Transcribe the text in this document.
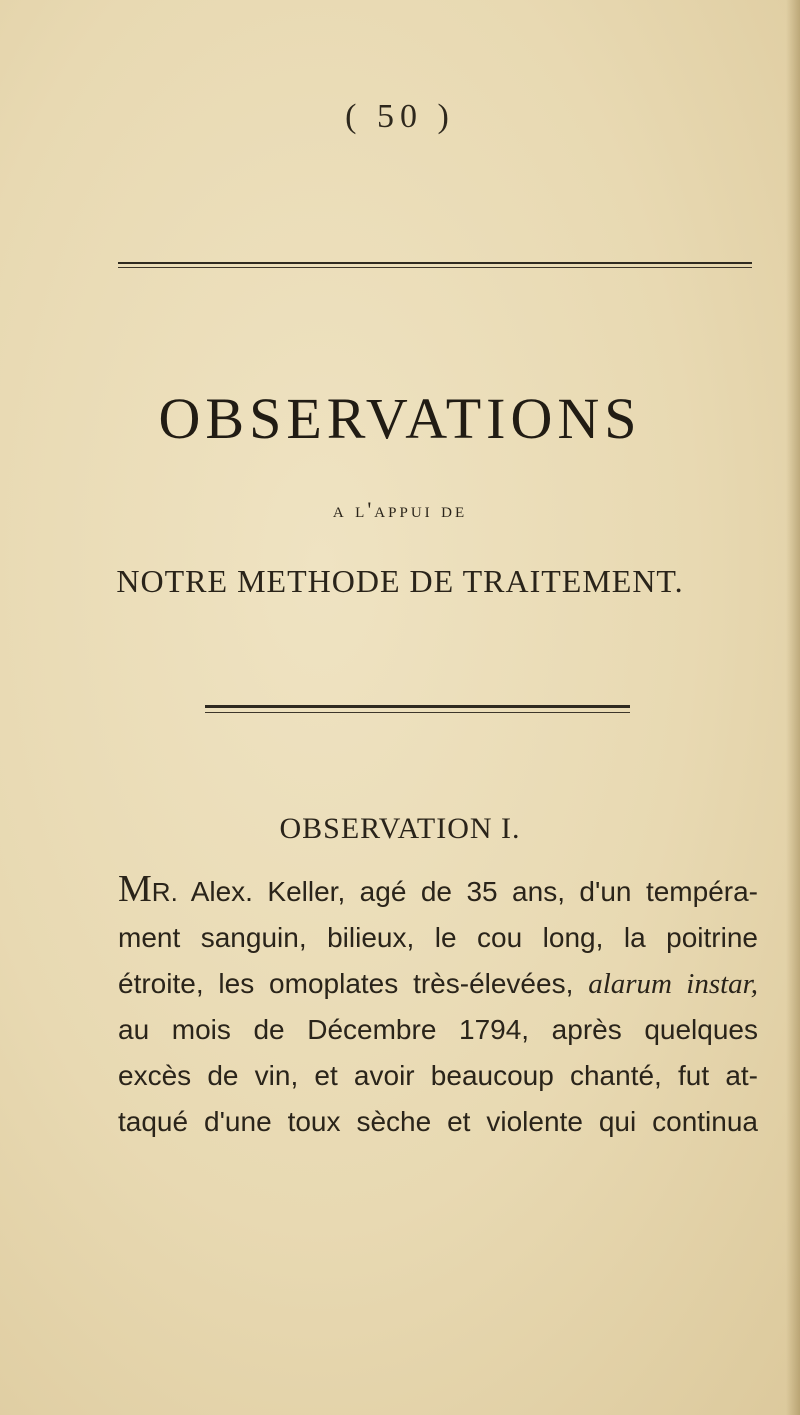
( 50 )
OBSERVATIONS
a l'appui de
NOTRE METHODE DE TRAITEMENT.
OBSERVATION I.
MR. Alex. Keller, agé de 35 ans, d'un tempéra-
ment sanguin, bilieux, le cou long, la poitrine
étroite, les omoplates très-élevées, alarum instar,
au mois de Décembre 1794, après quelques
excès de vin, et avoir beaucoup chanté, fut at-
taqué d'une toux sèche et violente qui continua
